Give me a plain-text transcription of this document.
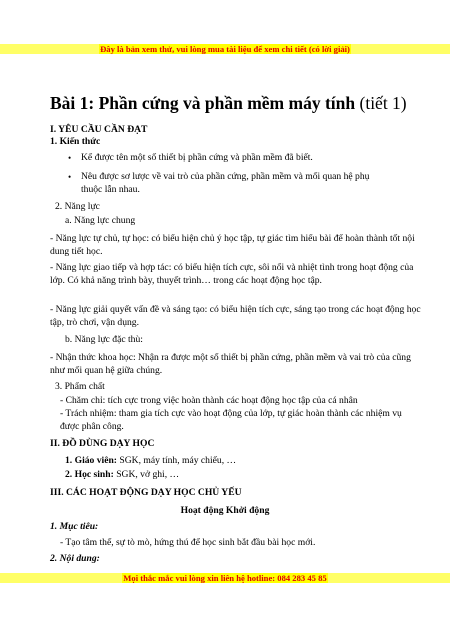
Đây là bản xem thử, vui lòng mua tài liệu để xem chi tiết (có lời giải)
Bài 1: Phần cứng và phần mềm máy tính (tiết 1)
I. YÊU CẦU CẦN ĐẠT
1. Kiến thức
• Kể được tên một số thiết bị phần cứng và phần mềm đã biết.
• Nêu được sơ lược về vai trò của phần cứng, phần mềm và mối quan hệ phụ
thuộc lẫn nhau.
2. Năng lực
a. Năng lực chung
- Năng lực tự chủ, tự học: có biểu hiện chủ ý học tập, tự giác tìm hiểu bài để hoàn thành tốt nội dung tiết học.
- Năng lực giao tiếp và hợp tác: có biểu hiện tích cực, sôi nổi và nhiệt tình trong hoạt động của lớp. Có khả năng trình bày, thuyết trình… trong các hoạt động học tập.
- Năng lực giải quyết vấn đề và sáng tạo: có biểu hiện tích cực, sáng tạo trong các hoạt động học tập, trò chơi, vận dụng.
b. Năng lực đặc thù:
- Nhận thức khoa học: Nhận ra được một số thiết bị phần cứng, phần mềm và vai trò của cũng như mối quan hệ giữa chúng.
3. Phẩm chất
- Chăm chỉ: tích cực trong việc hoàn thành các hoạt động học tập của cá nhân
- Trách nhiệm: tham gia tích cực vào hoạt động của lớp, tự giác hoàn thành các nhiệm vụ được phân công.
II. ĐỒ DÙNG DẠY HỌC
1. Giáo viên: SGK, máy tính, máy chiếu, …
2. Học sinh: SGK, vở ghi, …
III. CÁC HOẠT ĐỘNG DẠY HỌC CHỦ YẾU
Hoạt động Khởi động
1. Mục tiêu:
- Tạo tâm thế, sự tò mò, hứng thú để học sinh bắt đầu bài học mới.
2. Nội dung:
Mọi thắc mắc vui lòng xin liên hệ hotline: 084 283 45 85
